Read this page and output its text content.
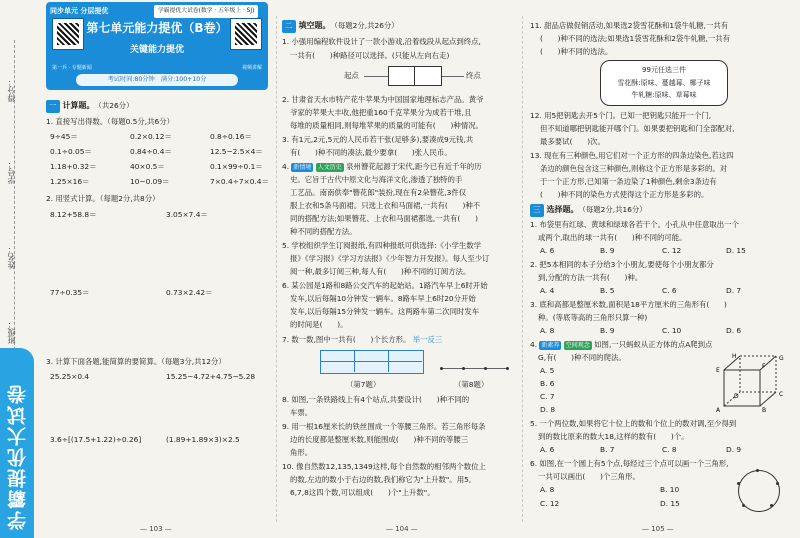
得分：
学号：
姓名：
班级：
学霸提优大试卷
同步单元 分层提优	学霸提优大试卷(数学 · 五年级上 · SJ)
第一兵 · 专题新闻	视频讲解
第七单元能力提优（B卷）
关键能力提优
考试时间:80分钟　满分:100+10分
一 计算题。（共26分）
1. 直接写出得数。（每题0.5分,共6分）
9÷45＝	0.2×0.12＝	0.8÷0.16＝
0.1÷0.05＝	0.84÷0.4＝	12.5−2.5×4＝
1.18+0.32＝	40×0.5＝	0.1×99÷0.1＝
1.25×16＝	10−0.09＝	7×0.4÷7×0.4＝
2. 用竖式计算。（每题2分,共8分）
8.12+58.8＝	3.05×7.4＝
77÷0.35＝	0.73×2.42＝
3. 计算下面各题,能简算的要简算。（每题3分,共12分）
25.25×0.4	15.25−4.72+4.75−5.28
3.6÷[(17.5+1.22)÷0.26]	(1.89+1.89×3)×2.5
— 103 —
二 填空题。（每题2分,共26分）
1. 小强用编程软件设计了一款小游戏,沿着线段从起点到终点,
一共有(　　)种路径可以选择。(只能从左向右走)
起点	终点
2. 甘肃省天水市特产花牛苹果为中国国家地理标志产品。黄爷
爷家的苹果大丰收,他把重160千克苹果分为成若干堆,且
每堆的质量相同,则每堆苹果的质量的可能有(　　)种情况。
3. 有1元,2元,5元的人民币若干张(足够多),要凑成9元钱,共
有(　　)种不同的凑法,最少要拿(　　)张人民币。
4. 新情境 人文历史 泉州簪花起源于宋代,距今已有近千年的历
史。它旨于古代中原文化与海洋文化,渗透了独特的手
工艺品。南南供奉"簪花郎"装扮,现在有2朵簪花,3件仅
服上衣和5条马面裙。只选上衣和马面裙,一共有(　　)种不
同的搭配方法;如果簪花、上衣和马面裙都选,一共有(　　)
种不同的搭配方法。
5. 学校组织学生订阅报纸,有四种报纸可供选择:《小学生数学
报》《学习报》《学习方法报》《少年智力开发报》。每人至少订
阅一种,最多订阅三种,每人有(　　)种不同的订阅方法。
6. 某公园是1路和8路公交汽车的起始站。1路汽车早上6时开始
发车,以后每隔10分钟发一辆车。8路车早上6时20分开始
发车,以后每隔15分钟发一辆车。这两路车第二次同时发车
的时间是(　　)。
7. 数一数,图中一共有(　　)个长方形。 举一反三
（第7题）	（第8题）
8. 如图,一条铁路线上有4个站点,共要设计(　　)种不同的
车票。
9. 用一根16厘米长的铁丝围成一个等腰三角形。若三角形每条
边的长度都是整厘米数,则能围成(　　)种不同的等腰三
角形。
10. 像自然数12,135,1349这样,每个自然数的相邻两个数位上
的数,左边的数小于右边的数,我们称它为"上升数"。用5,
6,7,8这四个数,可以组成(　　)个"上升数"。
— 104 —
11. 甜品店做促销活动,如果选2袋雪花酥和1袋牛轧糖,一共有
(　　)种不同的选法;如果选1袋雪花酥和2袋牛轧糖,一共有
(　　)种不同的选法。
99元任选三件
雪花酥:原味、蔓越莓、椰子味
牛轧糖:原味、草莓味
12. 用5把钥匙去开5个门。已知一把钥匙只能开一个门,
但不知道哪把钥匙能开哪个门。如果要把钥匙和门全部配对,
最多要试(　　)次。
13. 现在有三种颜色,用它们对一个正方形的四条边染色,若这四
条边的颜色包含这三种颜色,则称这个正方形是多彩的。对
于一个正方形,已知第一条边染了1种颜色,剩余3条边有
(　　)种不同的染色方式使得这个正方形是多彩的。
三 选择题。（每题2分,共16分）
1. 布袋里有红球、黄球和绿球各若干个。小孔从中任意取出一个
或两个,取出的球一共有(　　)种不同的可能。
A. 6	B. 9	C. 12	D. 15
2. 把5本相同的本子分给3个小朋友,要使每个小朋友都分
到,分配的方法一共有(　　)种。
A. 4	B. 5	C. 6	D. 7
3. 底和高都是整厘米数,面积是18平方厘米的三角形有(　　)
种。(等底等高的三角形只算一种)
A. 8	B. 9	C. 10	D. 6
4. 新素养 空间观念 如图,一只蚂蚁从正方体的点A爬到点
G,有(　　)种不同的爬法。
A. 5
B. 6
C. 7
D. 8	A	B
C
D
E
F
G
H
5. 一个两位数,如果将它十位上的数和个位上的数对调,至少得到
到的数比原来的数大18,这样的数有(　　)个。
A. 6	B. 7	C. 8	D. 9
6. 如图,在一个圆上有5个点,每经过三个点可以画一个三角形,
一共可以画出(　　)个三角形。
A. 8	B. 10
C. 12	D. 15
— 105 —
